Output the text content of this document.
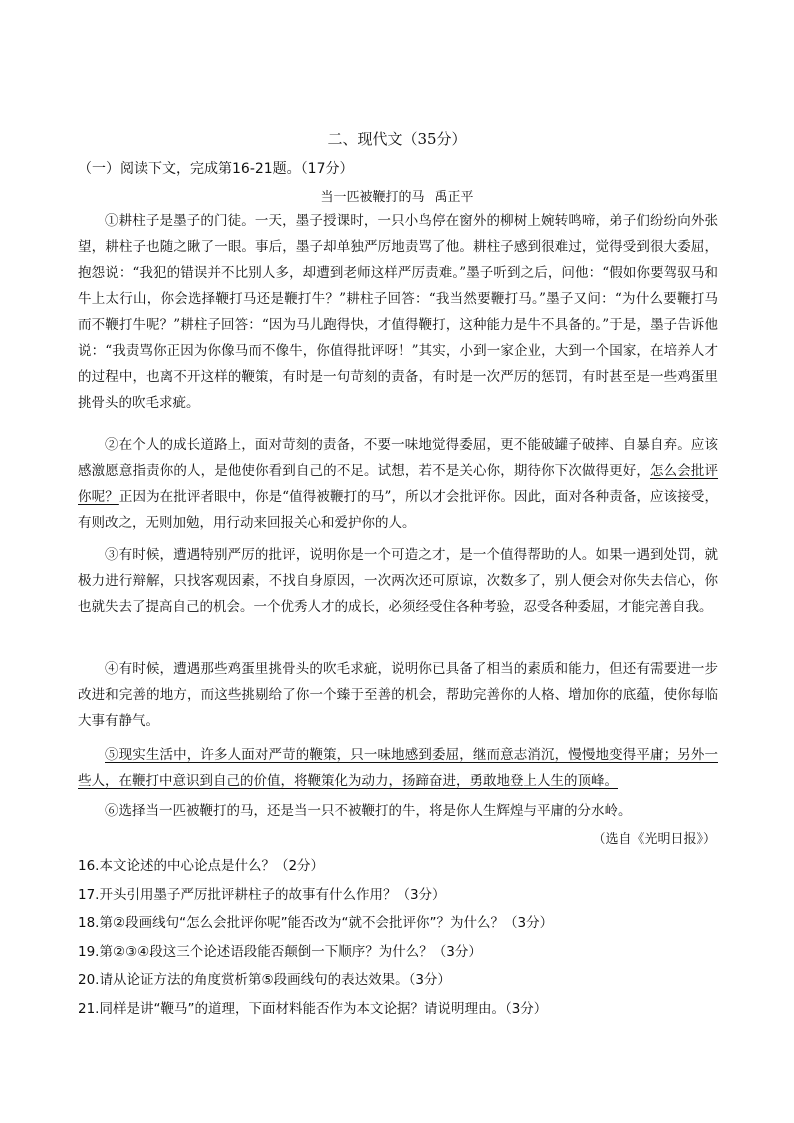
二、现代文（35分）
（一）阅读下文，完成第16-21题。（17分）
当一匹被鞭打的马 禹正平

①耕柱子是墨子的门徒。一天，墨子授课时，一只小鸟停在窗外的柳树上婉转鸣啼，弟子们纷纷向外张望，耕柱子也随之瞅了一眼。事后，墨子却单独严厉地责骂了他。耕柱子感到很难过，觉得受到很大委屈，抱怨说：“我犯的错误并不比别人多，却遭到老师这样严厉责难。”墨子听到之后，问他：“假如你要驾驭马和牛上太行山，你会选择鞭打马还是鞭打牛？”耕柱子回答：“我当然要鞭打马。”墨子又问：“为什么要鞭打马而不鞭打牛呢？”耕柱子回答：“因为马儿跑得快，才值得鞭打，这种能力是牛不具备的。”于是，墨子告诉他说：“我责骂你正因为你像马而不像牛，你值得批评呀！”其实，小到一家企业，大到一个国家，在培养人才的过程中，也离不开这样的鞭策，有时是一句苛刻的责备，有时是一次严厉的惩罚，有时甚至是一些鸡蛋里挑骨头的吹毛求疵。

②在个人的成长道路上，面对苛刻的责备，不要一味地觉得委屈，更不能破罐子破摔、自暴自弃。应该感激愿意指责你的人，是他使你看到自己的不足。试想，若不是关心你，期待你下次做得更好，怎么会批评你呢？正因为在批评者眼中，你是“值得被鞭打的马”，所以才会批评你。因此，面对各种责备，应该接受，有则改之，无则加勉，用行动来回报关心和爱护你的人。

③有时候，遭遇特别严厉的批评，说明你是一个可造之才，是一个值得帮助的人。如果一遇到处罚，就极力进行辩解，只找客观因素，不找自身原因，一次两次还可原谅，次数多了，别人便会对你失去信心，你也就失去了提高自己的机会。一个优秀人才的成长，必须经受住各种考验，忍受各种委屈，才能完善自我。

④有时候，遭遇那些鸡蛋里挑骨头的吹毛求疵，说明你已具备了相当的素质和能力，但还有需要进一步改进和完善的地方，而这些挑剔给了你一个臻于至善的机会，帮助完善你的人格、增加你的底蕴，使你每临大事有静气。

⑤现实生活中，许多人面对严苛的鞭策，只一味地感到委屈，继而意志消沉，慢慢地变得平庸；另外一些人，在鞭打中意识到自己的价值，将鞭策化为动力，扬蹄奋进，勇敢地登上人生的顶峰。

⑥选择当一匹被鞭打的马，还是当一只不被鞭打的牛，将是你人生辉煌与平庸的分水岭。

（选自《光明日报》）
16.本文论述的中心论点是什么？（2分）
17.开头引用墨子严厉批评耕柱子的故事有什么作用？（3分）
18.第②段画线句“怎么会批评你呢”能否改为“就不会批评你”？为什么？（3分）
19.第②③④段这三个论述语段能否颠倒一下顺序？为什么？（3分）
20.请从论证方法的角度赏析第⑤段画线句的表达效果。（3分）
21.同样是讲“鞭马”的道理，下面材料能否作为本文论据？请说明理由。（3分）
